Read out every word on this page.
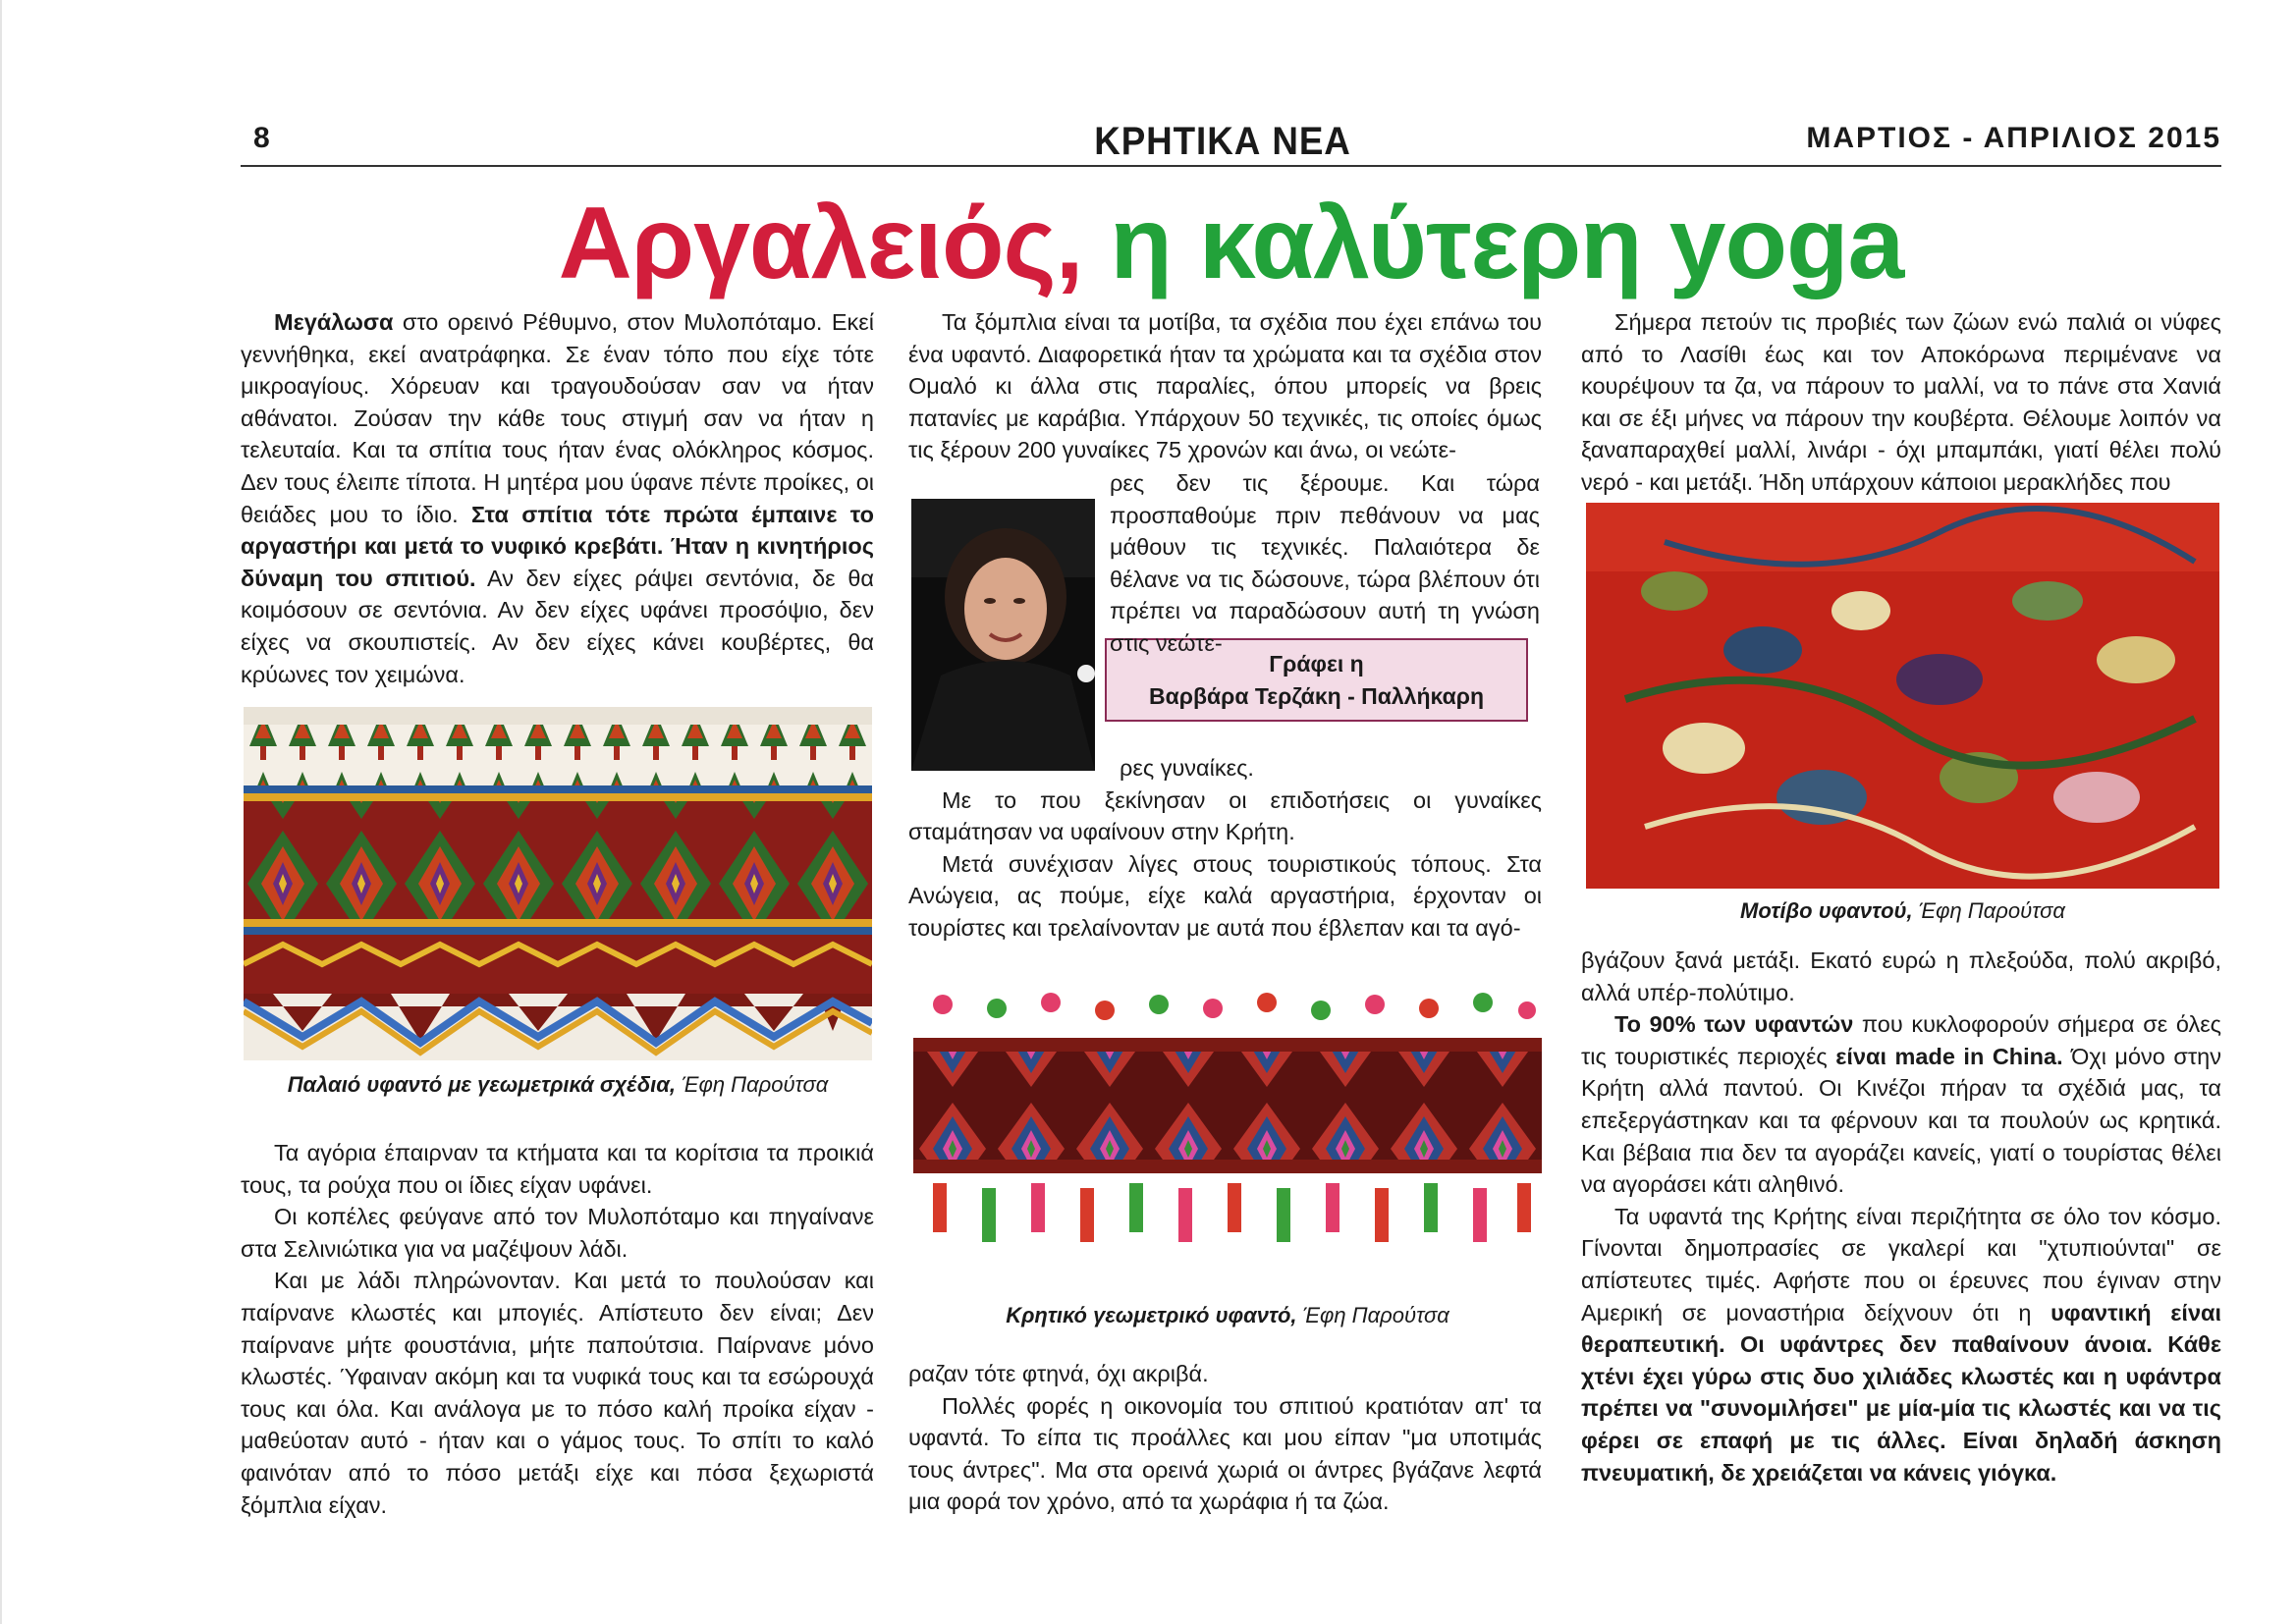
8	ΚΡΗΤΙΚΑ ΝΕΑ	ΜΑΡΤΙΟΣ - ΑΠΡΙΛΙΟΣ 2015
Αργαλειός, η καλύτερη yoga

Μεγάλωσα στο ορεινό Ρέθυμνο, στον Μυλοπόταμο. Εκεί γεννήθηκα, εκεί ανατράφηκα. Σε έναν τόπο που είχε τότε μικροαγίους. Χόρευαν και τραγουδούσαν σαν να ήταν αθάνατοι. Ζούσαν την κάθε τους στιγμή σαν να ήταν η τελευταία. Και τα σπίτια τους ήταν ένας ολόκληρος κόσμος. Δεν τους έλειπε τίποτα. Η μητέρα μου ύφανε πέντε προίκες, οι θειάδες μου το ίδιο. Στα σπίτια τότε πρώτα έμπαινε το αργαστήρι και μετά το νυφικό κρεβάτι. Ήταν η κινητήριος δύναμη του σπιτιού. Αν δεν είχες ράψει σεντόνια, δε θα κοιμόσουν σε σεντόνια. Αν δεν είχες υφάνει προσόψιο, δεν είχες να σκουπιστείς. Αν δεν είχες κάνει κουβέρτες, θα κρύωνες τον χειμώνα.

Παλαιό υφαντό με γεωμετρικά σχέδια, Έφη Παρούτσα

Τα αγόρια έπαιρναν τα κτήματα και τα κορίτσια τα προικιά τους, τα ρούχα που οι ίδιες είχαν υφάνει.

Οι κοπέλες φεύγανε από τον Μυλοπόταμο και πηγαίνανε στα Σελινιώτικα για να μαζέψουν λάδι.

Και με λάδι πληρώνονταν. Και μετά το πουλούσαν και παίρνανε κλωστές και μπογιές. Απίστευτο δεν είναι; Δεν παίρνανε μήτε φουστάνια, μήτε παπούτσια. Παίρνανε μόνο κλωστές. Ύφαιναν ακόμη και τα νυφικά τους και τα εσώρουχά τους και όλα. Και ανάλογα με το πόσο καλή προίκα είχαν - μαθεύοταν αυτό - ήταν και ο γάμος τους. Το σπίτι το καλό φαινόταν από το πόσο μετάξι είχε και πόσα ξεχωριστά ξόμπλια είχαν.

Τα ξόμπλια είναι τα μοτίβα, τα σχέδια που έχει επάνω του ένα υφαντό. Διαφορετικά ήταν τα χρώματα και τα σχέδια στον Ομαλό κι άλλα στις παραλίες, όπου μπορείς να βρεις πατανίες με καράβια. Υπάρχουν 50 τεχνικές, τις οποίες όμως τις ξέρουν 200 γυναίκες 75 χρονών και άνω, οι νεώτε-

Γράφει η
Βαρβάρα Τερζάκη - Παλλήκαρη

ρες δεν τις ξέρουμε. Και τώρα προσπαθούμε πριν πεθάνουν να μας μάθουν τις τεχνικές. Παλαιότερα δε θέλανε να τις δώσουνε, τώρα βλέπουν ότι πρέπει να παραδώσουν αυτή τη γνώση στις νεώτε-

ρες γυναίκες.

Με το που ξεκίνησαν οι επιδοτήσεις οι γυναίκες σταμάτησαν να υφαίνουν στην Κρήτη.

Μετά συνέχισαν λίγες στους τουριστικούς τόπους. Στα Ανώγεια, ας πούμε, είχε καλά αργαστήρια, έρχονταν οι τουρίστες και τρελαίνονταν με αυτά που έβλεπαν και τα αγό-

Κρητικό γεωμετρικό υφαντό, Έφη Παρούτσα

ραζαν τότε φτηνά, όχι ακριβά.

Πολλές φορές η οικονομία του σπιτιού κρατιόταν απ' τα υφαντά. Το είπα τις προάλλες και μου είπαν "μα υποτιμάς τους άντρες". Μα στα ορεινά χωριά οι άντρες βγάζανε λεφτά μια φορά τον χρόνο, από τα χωράφια ή τα ζώα.

Σήμερα πετούν τις προβιές των ζώων ενώ παλιά οι νύφες από το Λασίθι έως και τον Αποκόρωνα περιμένανε να κουρέψουν τα ζα, να πάρουν το μαλλί, να το πάνε στα Χανιά και σε έξι μήνες να πάρουν την κουβέρτα. Θέλουμε λοιπόν να ξαναπαραχθεί μαλλί, λινάρι - όχι μπαμπάκι, γιατί θέλει πολύ νερό - και μετάξι. Ήδη υπάρχουν κάποιοι μερακλήδες που

Μοτίβο υφαντού, Έφη Παρούτσα

βγάζουν ξανά μετάξι. Εκατό ευρώ η πλεξούδα, πολύ ακριβό, αλλά υπέρ-πολύτιμο.

Το 90% των υφαντών που κυκλοφορούν σήμερα σε όλες τις τουριστικές περιοχές είναι made in China. Όχι μόνο στην Κρήτη αλλά παντού. Οι Κινέζοι πήραν τα σχέδιά μας, τα επεξεργάστηκαν και τα φέρνουν και τα πουλούν ως κρητικά. Και βέβαια πια δεν τα αγοράζει κανείς, γιατί ο τουρίστας θέλει να αγοράσει κάτι αληθινό.

Τα υφαντά της Κρήτης είναι περιζήτητα σε όλο τον κόσμο. Γίνονται δημοπρασίες σε γκαλερί και "χτυπιούνται" σε απίστευτες τιμές. Αφήστε που οι έρευνες που έγιναν στην Αμερική σε μοναστήρια δείχνουν ότι η υφαντική είναι θεραπευτική. Οι υφάντρες δεν παθαίνουν άνοια. Κάθε χτένι έχει γύρω στις δυο χιλιάδες κλωστές και η υφάντρα πρέπει να "συνομιλήσει" με μία-μία τις κλωστές και να τις φέρει σε επαφή με τις άλλες. Είναι δηλαδή άσκηση πνευματική, δε χρειάζεται να κάνεις γιόγκα.
